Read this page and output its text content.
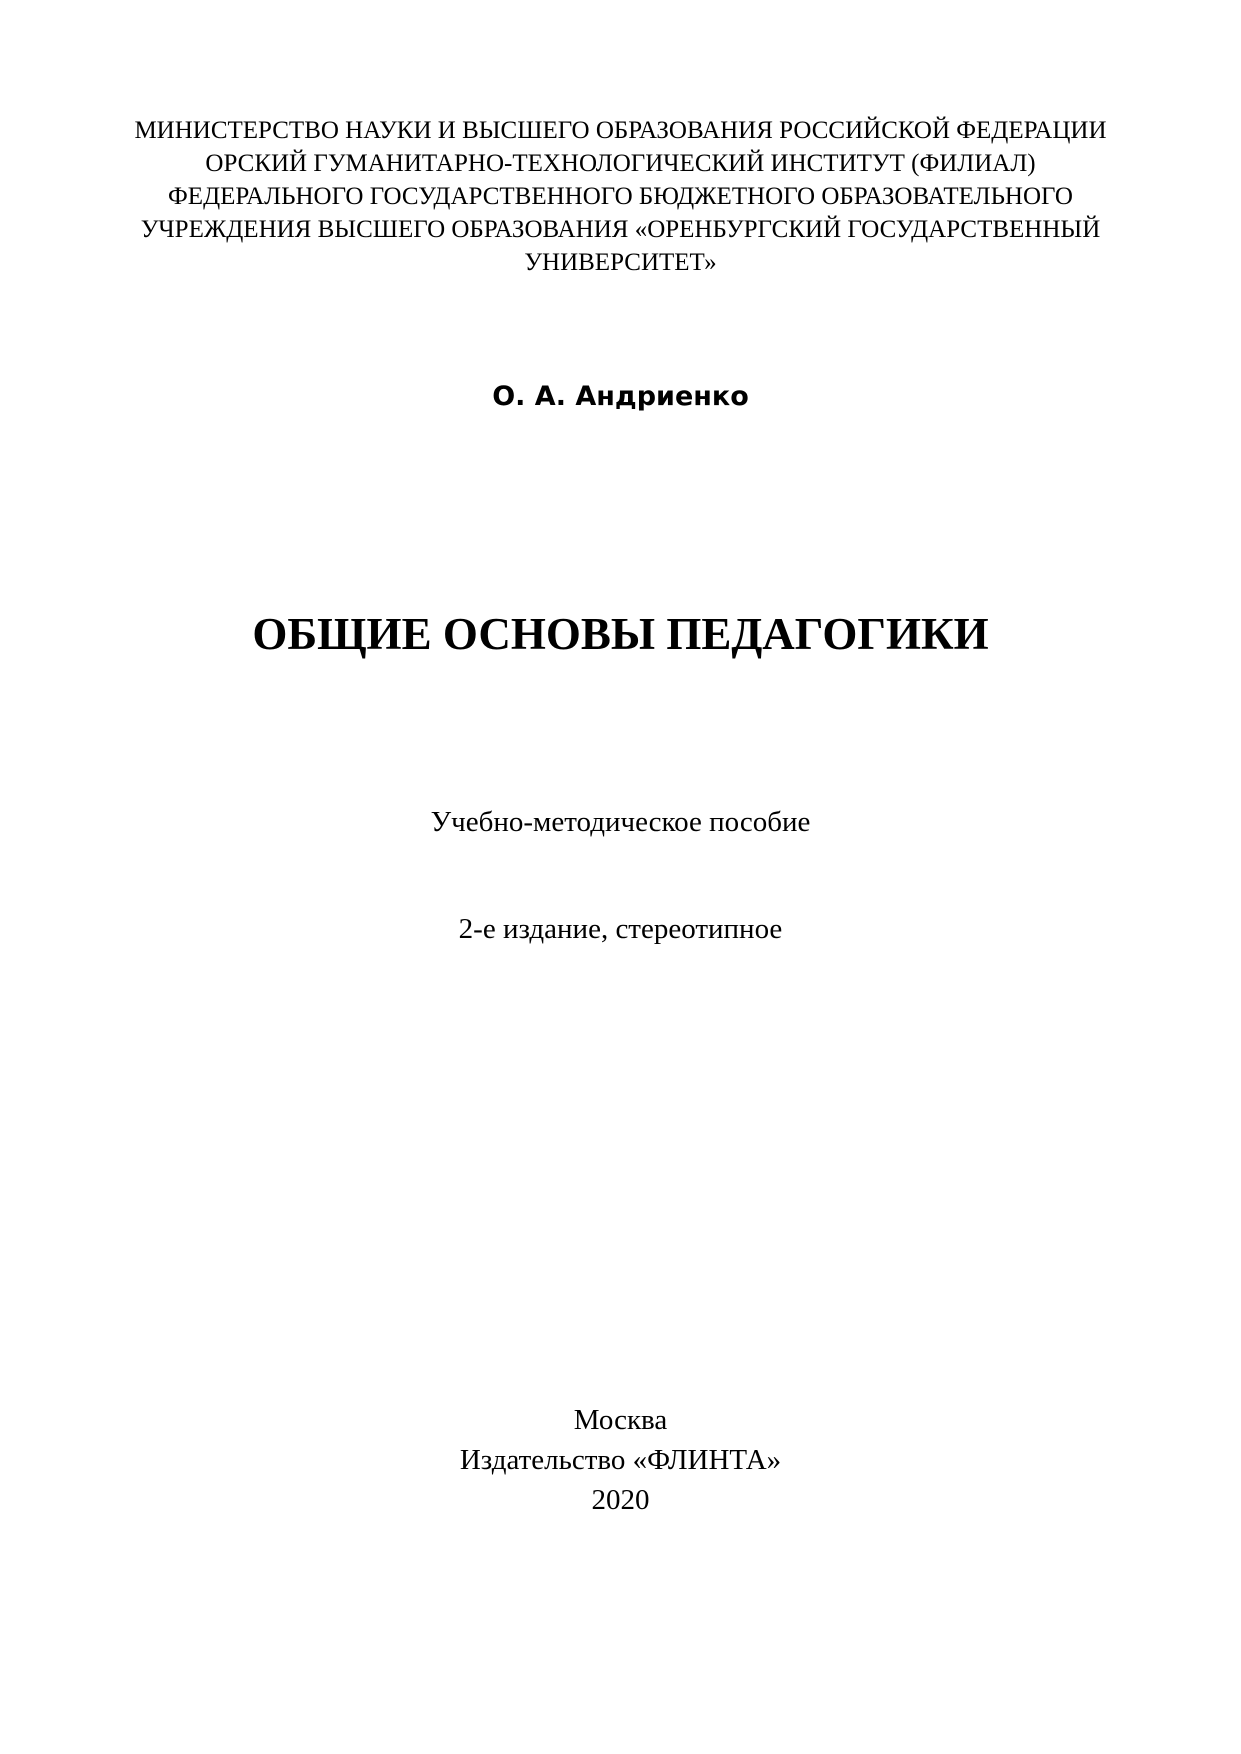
МИНИСТЕРСТВО НАУКИ И ВЫСШЕГО ОБРАЗОВАНИЯ РОССИЙСКОЙ ФЕДЕРАЦИИ
ОРСКИЙ ГУМАНИТАРНО-ТЕХНОЛОГИЧЕСКИЙ ИНСТИТУТ (ФИЛИАЛ)
ФЕДЕРАЛЬНОГО ГОСУДАРСТВЕННОГО БЮДЖЕТНОГО ОБРАЗОВАТЕЛЬНОГО
УЧРЕЖДЕНИЯ ВЫСШЕГО ОБРАЗОВАНИЯ «ОРЕНБУРГСКИЙ ГОСУДАРСТВЕННЫЙ
УНИВЕРСИТЕТ»
О. А. Андриенко
ОБЩИЕ ОСНОВЫ ПЕДАГОГИКИ
Учебно-методическое пособие
2-е издание, стереотипное
Москва
Издательство «ФЛИНТА»
2020
